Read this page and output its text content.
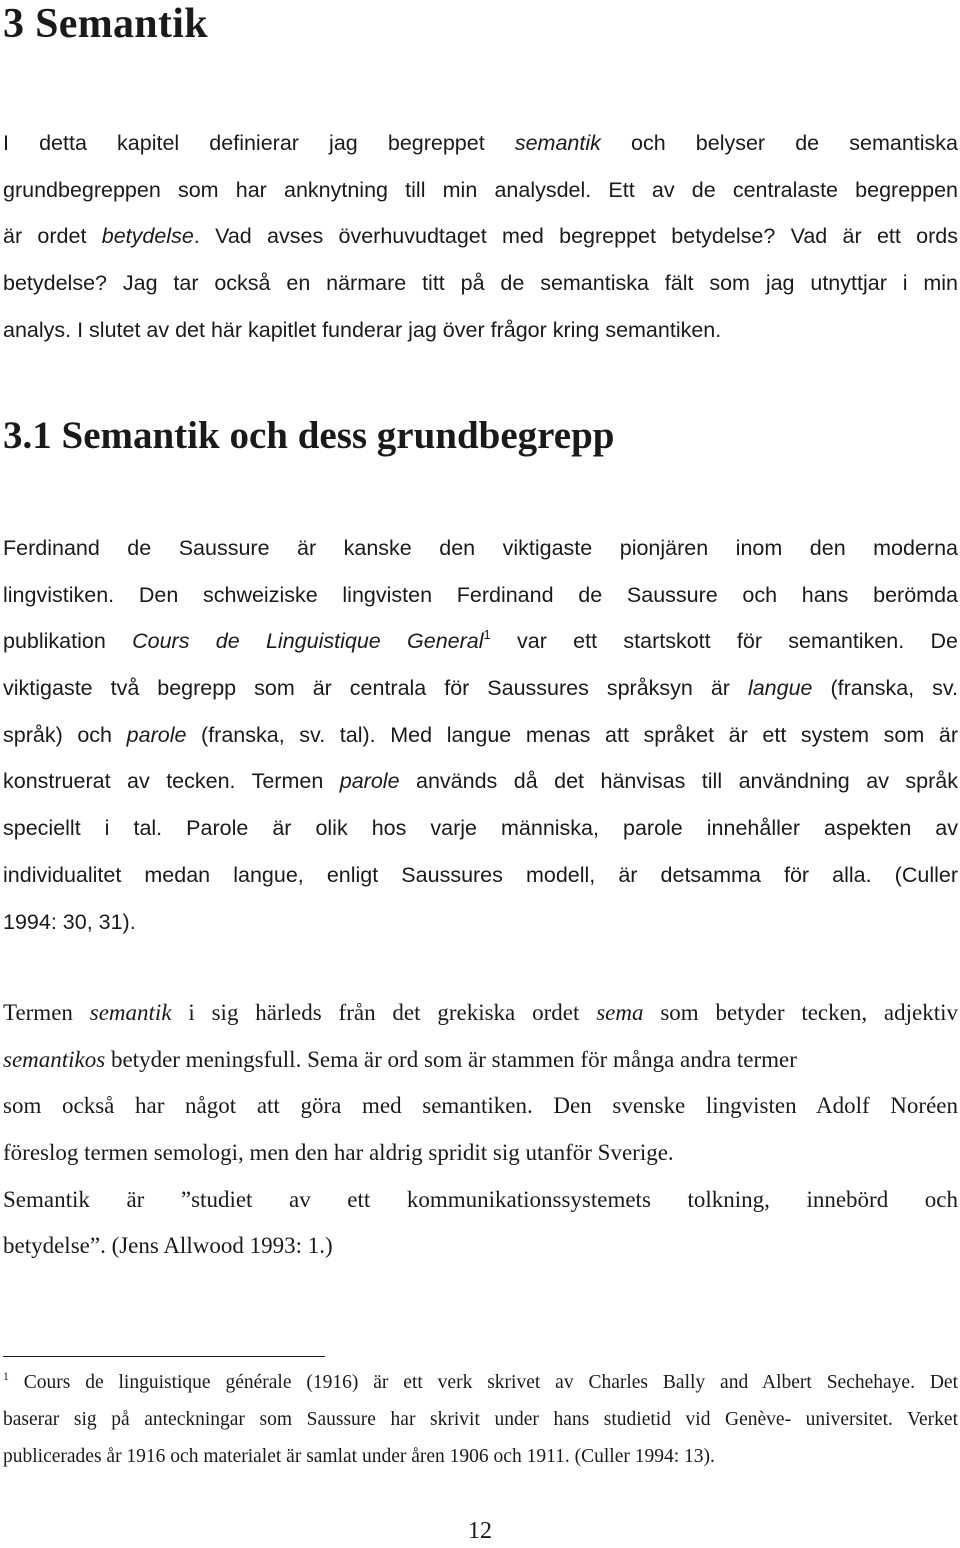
3 Semantik
I detta kapitel definierar jag begreppet semantik och belyser de semantiska
grundbegreppen som har anknytning till min analysdel. Ett av de centralaste begreppen
är ordet betydelse. Vad avses överhuvudtaget med begreppet betydelse? Vad är ett ords
betydelse? Jag tar också en närmare titt på de semantiska fält som jag utnyttjar i min
analys. I slutet av det här kapitlet funderar jag över frågor kring semantiken.
3.1 Semantik och dess grundbegrepp
Ferdinand de Saussure är kanske den viktigaste pionjären inom den moderna
lingvistiken. Den schweiziske lingvisten Ferdinand de Saussure och hans berömda
publikation Cours de Linguistique General$^1$ var ett startskott för semantiken. De
viktigaste två begrepp som är centrala för Saussures språksyn är langue (franska, sv.
språk) och parole (franska, sv. tal). Med langue menas att språket är ett system som är
konstruerat av tecken. Termen parole används då det hänvisas till användning av språk
speciellt i tal. Parole är olik hos varje människa, parole innehåller aspekten av
individualitet medan langue, enligt Saussures modell, är detsamma för alla. (Culler
1994: 30, 31).
Termen semantik i sig härleds från det grekiska ordet sema som betyder tecken, adjektiv
semantikos betyder meningsfull. Sema är ord som är stammen för många andra termer
som också har något att göra med semantiken. Den svenske lingvisten Adolf Noréen
föreslog termen semologi, men den har aldrig spridit sig utanför Sverige.
Semantik är ”studiet av ett kommunikationssystemets tolkning, innebörd och
betydelse”. (Jens Allwood 1993: 1.)
$^1$ Cours de linguistique générale (1916) är ett verk skrivet av Charles Bally and Albert Sechehaye. Det
baserar sig på anteckningar som Saussure har skrivit under hans studietid vid Genève- universitet. Verket
publicerades år 1916 och materialet är samlat under åren 1906 och 1911. (Culler 1994: 13).
12
